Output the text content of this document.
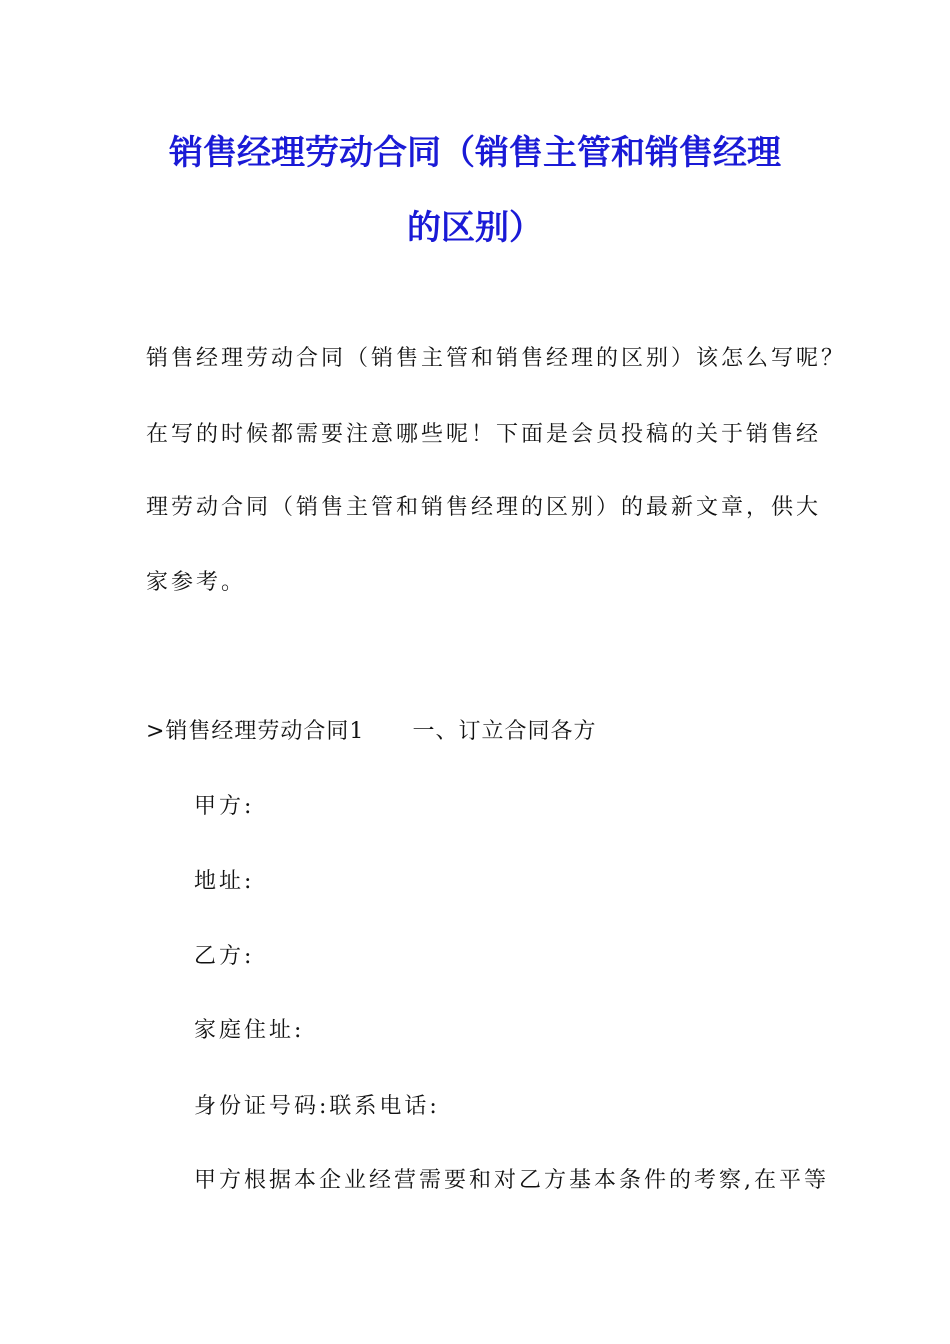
销售经理劳动合同（销售主管和销售经理
的区别）
销售经理劳动合同（销售主管和销售经理的区别）该怎么写呢？
在写的时候都需要注意哪些呢！下面是会员投稿的关于销售经
理劳动合同（销售主管和销售经理的区别）的最新文章，供大
家参考。
>销售经理劳动合同1 一、订立合同各方
甲方:
地址:
乙方:
家庭住址:
身份证号码:联系电话:
甲方根据本企业经营需要和对乙方基本条件的考察,在平等
